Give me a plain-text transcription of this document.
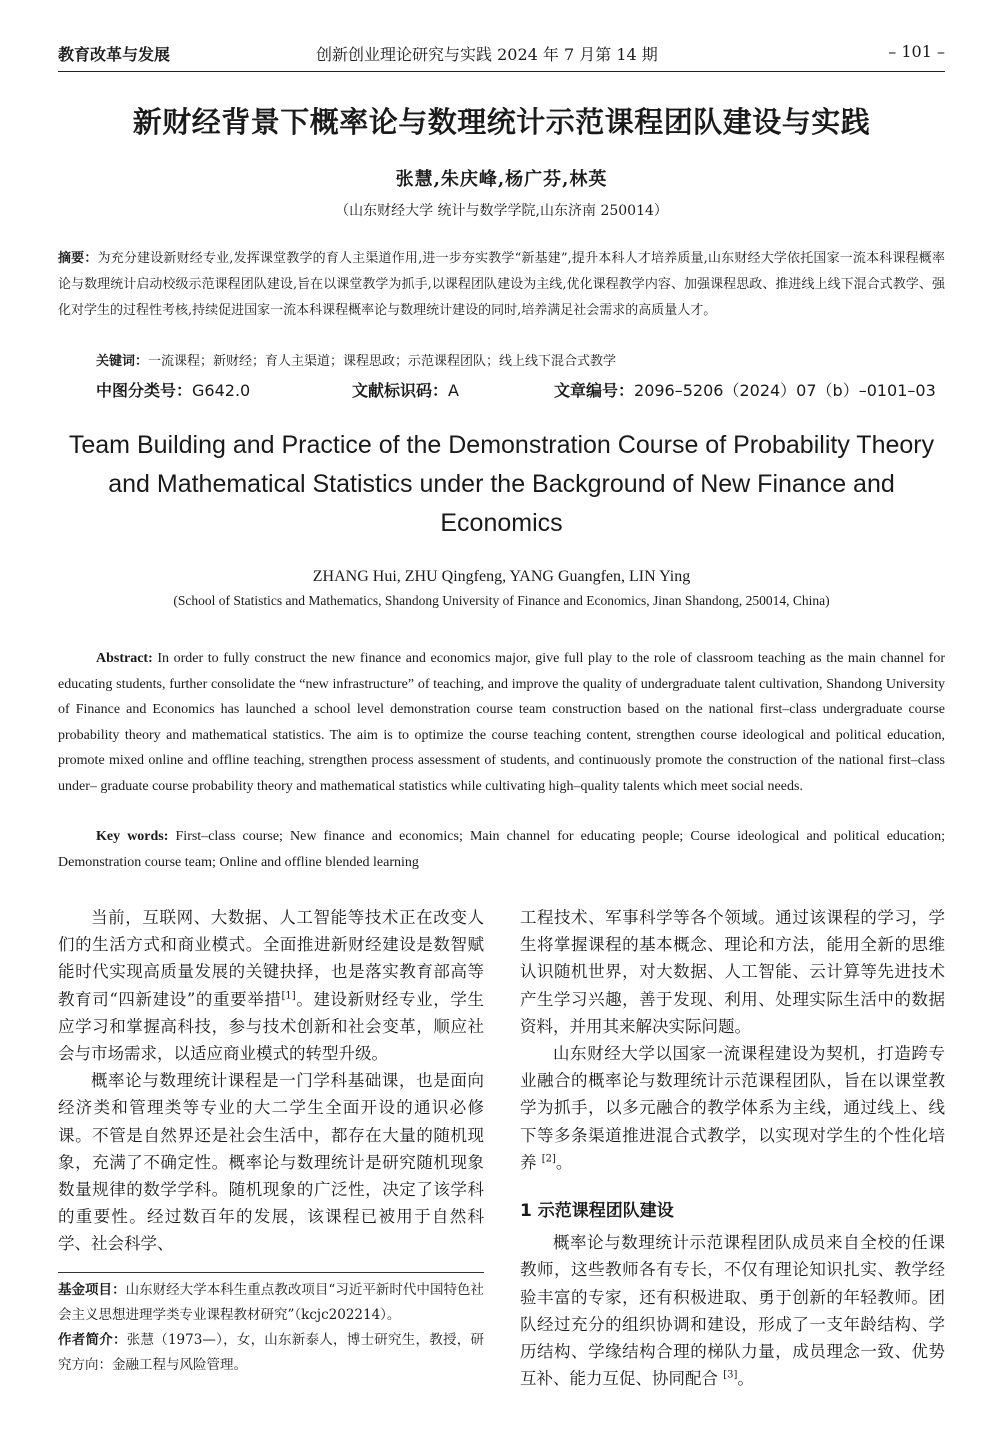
教育改革与发展	创新创业理论研究与实践 2024 年 7 月第 14 期	– 101 –
新财经背景下概率论与数理统计示范课程团队建设与实践
张慧,朱庆峰,杨广芬,林英
（山东财经大学 统计与数学学院,山东济南 250014）
摘要：为充分建设新财经专业,发挥课堂教学的育人主渠道作用,进一步夯实教学“新基建”,提升本科人才培养质量,山东财经大学依托国家一流本科课程概率论与数理统计启动校级示范课程团队建设,旨在以课堂教学为抓手,以课程团队建设为主线,优化课程教学内容、加强课程思政、推进线上线下混合式教学、强化对学生的过程性考核,持续促进国家一流本科课程概率论与数理统计建设的同时,培养满足社会需求的高质量人才。
关键词：一流课程；新财经；育人主渠道；课程思政；示范课程团队；线上线下混合式教学
中图分类号：G642.0	文献标识码：A	文章编号：2096–5206（2024）07（b）–0101–03
Team Building and Practice of the Demonstration Course of Probability Theory and Mathematical Statistics under the Background of New Finance and Economics
ZHANG Hui, ZHU Qingfeng, YANG Guangfen, LIN Ying
(School of Statistics and Mathematics, Shandong University of Finance and Economics, Jinan Shandong, 250014, China)
Abstract: In order to fully construct the new finance and economics major, give full play to the role of classroom teaching as the main channel for educating students, further consolidate the “new infrastructure” of teaching, and improve the quality of undergraduate talent cultivation, Shandong University of Finance and Economics has launched a school level demonstration course team construction based on the national first–class undergraduate course probability theory and mathematical statistics. The aim is to optimize the course teaching content, strengthen course ideological and political education, promote mixed online and offline teaching, strengthen process assessment of students, and continuously promote the construction of the national first–class under– graduate course probability theory and mathematical statistics while cultivating high–quality talents which meet social needs.
Key words: First–class course; New finance and economics; Main channel for educating people; Course ideological and political education; Demonstration course team; Online and offline blended learning

当前，互联网、大数据、人工智能等技术正在改变人们的生活方式和商业模式。全面推进新财经建设是数智赋能时代实现高质量发展的关键抉择，也是落实教育部高等教育司“四新建设”的重要举措[1]。建设新财经专业，学生应学习和掌握高科技，参与技术创新和社会变革，顺应社会与市场需求，以适应商业模式的转型升级。

概率论与数理统计课程是一门学科基础课，也是面向经济类和管理类等专业的大二学生全面开设的通识必修课。不管是自然界还是社会生活中，都存在大量的随机现象，充满了不确定性。概率论与数理统计是研究随机现象数量规律的数学学科。随机现象的广泛性，决定了该学科的重要性。经过数百年的发展，该课程已被用于自然科学、社会科学、

工程技术、军事科学等各个领域。通过该课程的学习，学生将掌握课程的基本概念、理论和方法，能用全新的思维认识随机世界，对大数据、人工智能、云计算等先进技术产生学习兴趣，善于发现、利用、处理实际生活中的数据资料，并用其来解决实际问题。

山东财经大学以国家一流课程建设为契机，打造跨专业融合的概率论与数理统计示范课程团队，旨在以课堂教学为抓手，以多元融合的教学体系为主线，通过线上、线下等多条渠道推进混合式教学，以实现对学生的个性化培养 [2]。

1 示范课程团队建设

概率论与数理统计示范课程团队成员来自全校的任课教师，这些教师各有专长，不仅有理论知识扎实、教学经验丰富的专家，还有积极进取、勇于创新的年轻教师。团队经过充分的组织协调和建设，形成了一支年龄结构、学历结构、学缘结构合理的梯队力量，成员理念一致、优势互补、能力互促、协同配合 [3]。

基金项目：山东财经大学本科生重点教改项目“习近平新时代中国特色社会主义思想进理学类专业课程教材研究”（kcjc202214）。
作者简介：张慧（1973—），女，山东新泰人，博士研究生，教授，研究方向：金融工程与风险管理。
